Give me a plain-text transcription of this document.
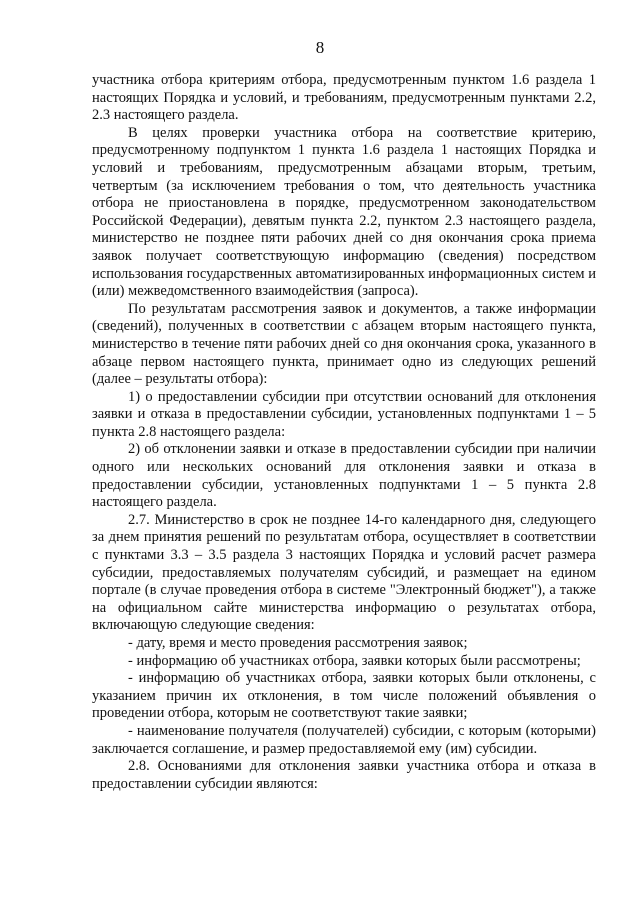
8

участника отбора критериям отбора, предусмотренным пунктом 1.6 раздела 1 настоящих Порядка и условий, и требованиям, предусмотренным пунктами 2.2, 2.3 настоящего раздела.

В целях проверки участника отбора на соответствие критерию, предусмотренному подпунктом 1 пункта 1.6 раздела 1 настоящих Порядка и условий и требованиям, предусмотренным абзацами вторым, третьим, четвертым (за исключением требования о том, что деятельность участника отбора не приостановлена в порядке, предусмотренном законодательством Российской Федерации), девятым пункта 2.2, пунктом 2.3 настоящего раздела, министерство не позднее пяти рабочих дней со дня окончания срока приема заявок получает соответствующую информацию (сведения) посредством использования государственных автоматизированных информационных систем и (или) межведомственного взаимодействия (запроса).

По результатам рассмотрения заявок и документов, а также информации (сведений), полученных в соответствии с абзацем вторым настоящего пункта, министерство в течение пяти рабочих дней со дня окончания срока, указанного в абзаце первом настоящего пункта, принимает одно из следующих решений (далее – результаты отбора):

1) о предоставлении субсидии при отсутствии оснований для отклонения заявки и отказа в предоставлении субсидии, установленных подпунктами 1 – 5 пункта 2.8 настоящего раздела:

2) об отклонении заявки и отказе в предоставлении субсидии при наличии одного или нескольких оснований для отклонения заявки и отказа в предоставлении субсидии, установленных подпунктами 1 – 5 пункта 2.8 настоящего раздела.

2.7. Министерство в срок не позднее 14-го календарного дня, следующего за днем принятия решений по результатам отбора, осуществляет в соответствии с пунктами 3.3 – 3.5 раздела 3 настоящих Порядка и условий расчет размера субсидии, предоставляемых получателям субсидий, и размещает на едином портале (в случае проведения отбора в системе "Электронный бюджет"), а также на официальном сайте министерства информацию о результатах отбора, включающую следующие сведения:

- дату, время и место проведения рассмотрения заявок;

- информацию об участниках отбора, заявки которых были рассмотрены;

- информацию об участниках отбора, заявки которых были отклонены, с указанием причин их отклонения, в том числе положений объявления о проведении отбора, которым не соответствуют такие заявки;

- наименование получателя (получателей) субсидии, с которым (которыми) заключается соглашение, и размер предоставляемой ему (им) субсидии.

2.8. Основаниями для отклонения заявки участника отбора и отказа в предоставлении субсидии являются:
